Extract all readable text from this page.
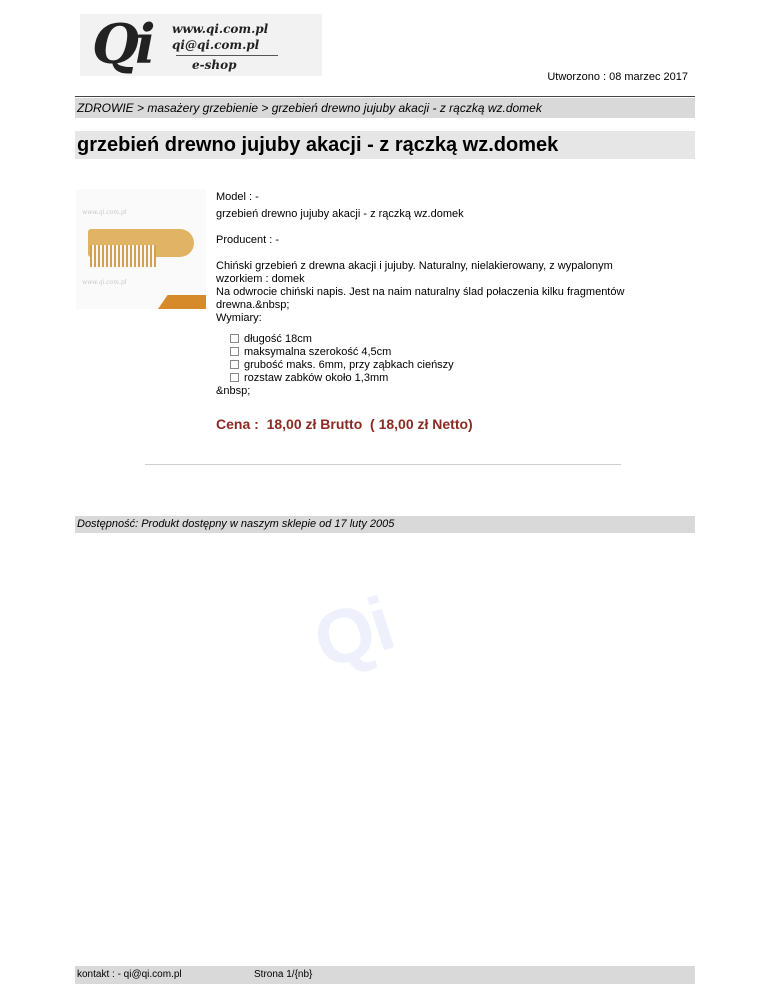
Qi www.qi.com.pl
qi@qi.com.pl
e-shop
Utworzono : 08 marzec 2017
ZDROWIE > masażery grzebienie > grzebień drewno jujuby akacji - z rączką wz.domek
grzebień drewno jujuby akacji - z rączką wz.domek
www.qi.com.pl
www.qi.com.pl

Model : -

grzebień drewno jujuby akacji - z rączką wz.domek

Producent : -

Chiński grzebień z drewna akacji i jujuby. Naturalny, nielakierowany, z wypalonym

wzorkiem : domek

Na odwrocie chiński napis. Jest na naim naturalny ślad połaczenia kilku fragmentów

drewna.&nbsp;

Wymiary:

długość 18cm
maksymalna szerokość 4,5cm
grubość maks. 6mm, przy ząbkach cieńszy
rozstaw zabków około 1,3mm

&nbsp;

Cena :  18,00 zł Brutto  ( 18,00 zł Netto)
Dostępność: Produkt dostępny w naszym sklepie od 17 luty 2005
Qi
kontakt : - qi@qi.com.pl	Strona 1/{nb}
